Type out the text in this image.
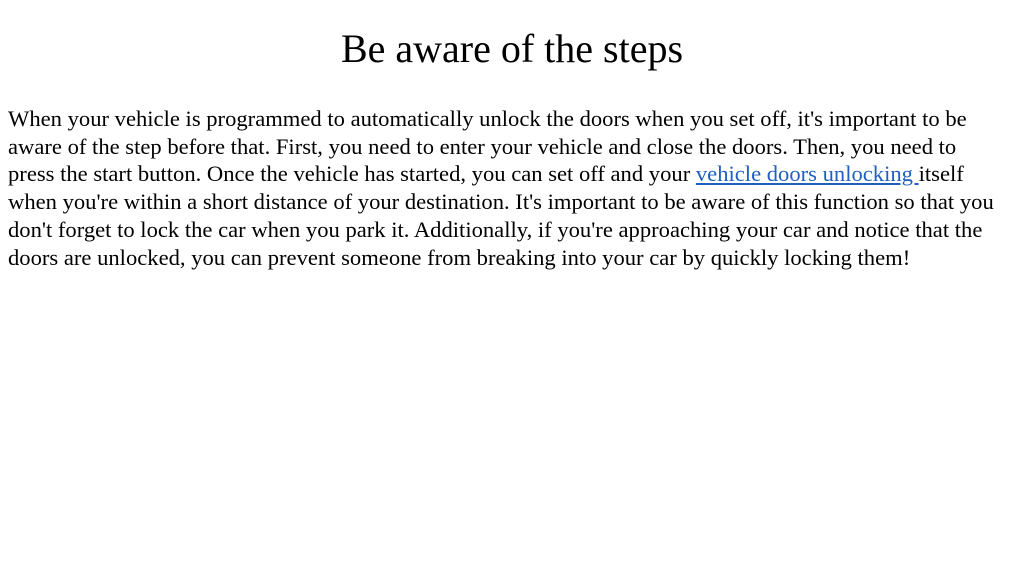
Be aware of the steps

When your vehicle is programmed to automatically unlock the doors when you set off, it's important to be aware of the step before that. First, you need to enter your vehicle and close the doors. Then, you need to press the start button. Once the vehicle has started, you can set off and your vehicle doors unlocking itself when you're within a short distance of your destination. It's important to be aware of this function so that you don't forget to lock the car when you park it. Additionally, if you're approaching your car and notice that the doors are unlocked, you can prevent someone from breaking into your car by quickly locking them!
